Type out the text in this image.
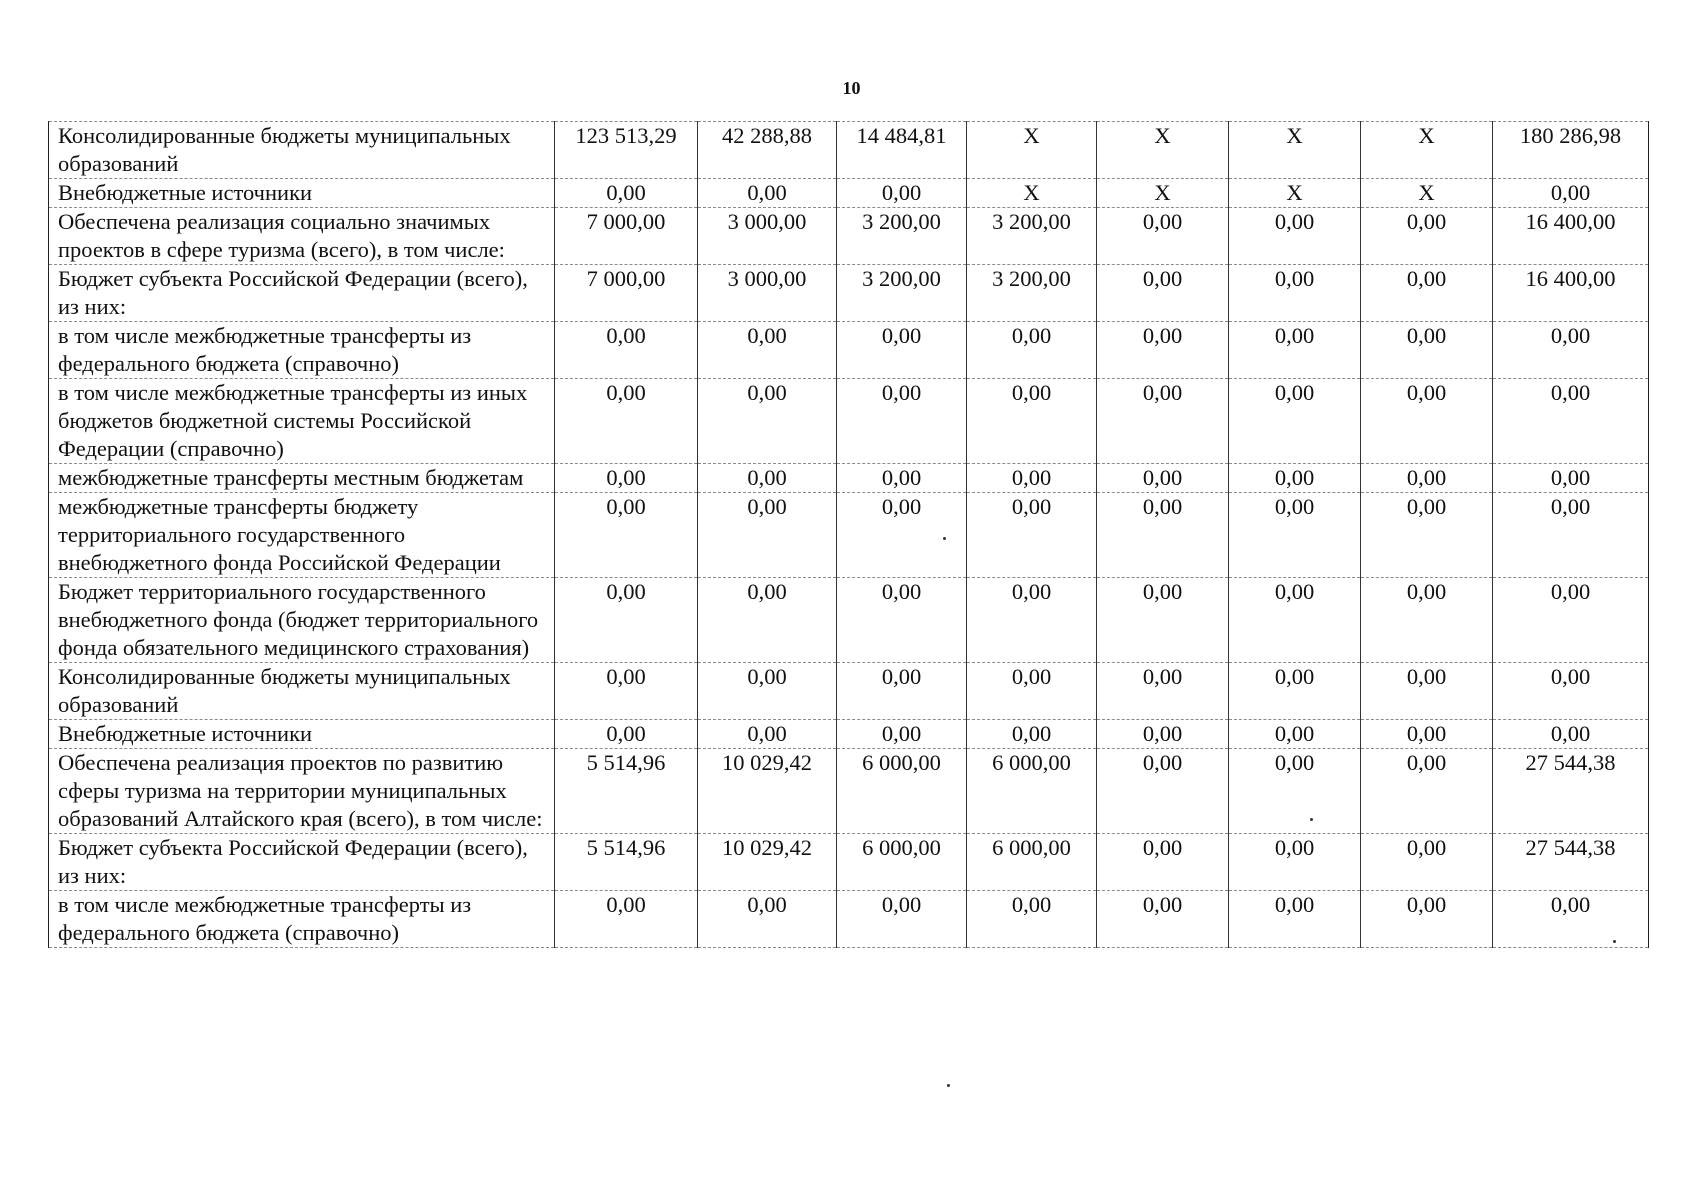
10
Консолидированные бюджеты муниципальных образований	123 513,29	42 288,88	14 484,81	X	X	X	X	180 286,98
Внебюджетные источники	0,00	0,00	0,00	X	X	X	X	0,00
Обеспечена реализация социально значимых проектов в сфере туризма (всего), в том числе:	7 000,00	3 000,00	3 200,00	3 200,00	0,00	0,00	0,00	16 400,00
Бюджет субъекта Российской Федерации (всего), из них:	7 000,00	3 000,00	3 200,00	3 200,00	0,00	0,00	0,00	16 400,00
в том числе межбюджетные трансферты из федерального бюджета (справочно)	0,00	0,00	0,00	0,00	0,00	0,00	0,00	0,00
в том числе межбюджетные трансферты из иных бюджетов бюджетной системы Российской Федерации (справочно)	0,00	0,00	0,00	0,00	0,00	0,00	0,00	0,00
межбюджетные трансферты местным бюджетам	0,00	0,00	0,00	0,00	0,00	0,00	0,00	0,00
межбюджетные трансферты бюджету территориального государственного внебюджетного фонда Российской Федерации	0,00	0,00	0,00	0,00	0,00	0,00	0,00	0,00
Бюджет территориального государственного внебюджетного фонда (бюджет территориального фонда обязательного медицинского страхования)	0,00	0,00	0,00	0,00	0,00	0,00	0,00	0,00
Консолидированные бюджеты муниципальных образований	0,00	0,00	0,00	0,00	0,00	0,00	0,00	0,00
Внебюджетные источники	0,00	0,00	0,00	0,00	0,00	0,00	0,00	0,00
Обеспечена реализация проектов по развитию сферы туризма на территории муниципальных образований Алтайского края (всего), в том числе:	5 514,96	10 029,42	6 000,00	6 000,00	0,00	0,00	0,00	27 544,38
Бюджет субъекта Российской Федерации (всего), из них:	5 514,96	10 029,42	6 000,00	6 000,00	0,00	0,00	0,00	27 544,38
в том числе межбюджетные трансферты из федерального бюджета (справочно)	0,00	0,00	0,00	0,00	0,00	0,00	0,00	0,00
